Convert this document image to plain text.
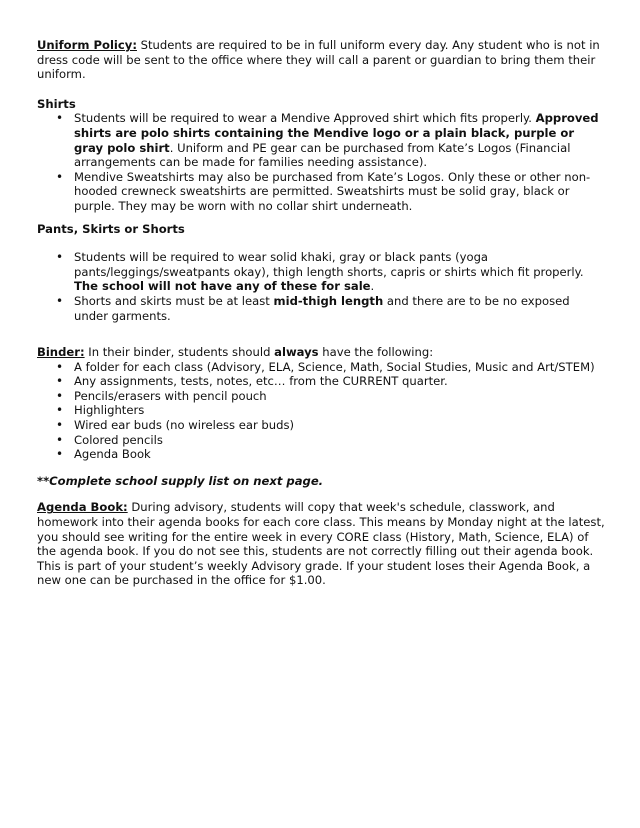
Uniform Policy: Students are required to be in full uniform every day. Any student who is not in dress code will be sent to the office where they will call a parent or guardian to bring them their uniform.

Shirts

• Students will be required to wear a Mendive Approved shirt which fits properly. Approved shirts are polo shirts containing the Mendive logo or a plain black, purple or gray polo shirt. Uniform and PE gear can be purchased from Kate’s Logos (Financial arrangements can be made for families needing assistance).
• Mendive Sweatshirts may also be purchased from Kate’s Logos. Only these or other non-hooded crewneck sweatshirts are permitted. Sweatshirts must be solid gray, black or purple. They may be worn with no collar shirt underneath.

Pants, Skirts or Shorts

• Students will be required to wear solid khaki, gray or black pants (yoga pants/leggings/sweatpants okay), thigh length shorts, capris or shirts which fit properly. The school will not have any of these for sale.
• Shorts and skirts must be at least mid-thigh length and there are to be no exposed under garments.

Binder: In their binder, students should always have the following:

• A folder for each class (Advisory, ELA, Science, Math, Social Studies, Music and Art/STEM)
• Any assignments, tests, notes, etc… from the CURRENT quarter.
• Pencils/erasers with pencil pouch
• Highlighters
• Wired ear buds (no wireless ear buds)
• Colored pencils
• Agenda Book

**Complete school supply list on next page.

Agenda Book: During advisory, students will copy that week's schedule, classwork, and homework into their agenda books for each core class. This means by Monday night at the latest, you should see writing for the entire week in every CORE class (History, Math, Science, ELA) of the agenda book. If you do not see this, students are not correctly filling out their agenda book. This is part of your student’s weekly Advisory grade. If your student loses their Agenda Book, a new one can be purchased in the office for $1.00.
